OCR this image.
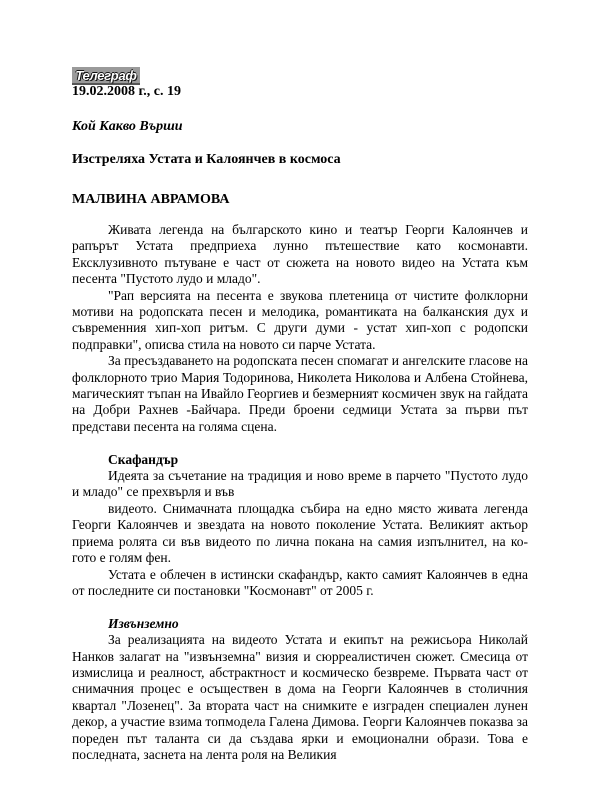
Телеграф
19.02.2008 г., с. 19
Кой Какво Върши
Изстреляха Устата и Калоянчев в космоса
МАЛВИНА АВРАМОВА

Живата легенда на българското кино и театър Георги Калоянчев и рапърът Устата предприеха лунно пътешествие като космонавти. Ексклузивното пътуване е част от сюжета на новото видео на Устата към песента "Пустото лудо и младо".

"Рап версията на песента е звукова плетеница от чистите фолклорни мотиви на родопската песен и мелодика, романтиката на балканския дух и съвременния хип-хоп ритъм. С други думи - устат хип-хоп с родопски подправки", описва стила на новото си парче Устата.

За пресъздаването на родопската песен спомагат и ангелските гласове на фолклорното трио Мария Тодоринова, Николета Николова и Албена Стойнева, магическият тъпан на Ивайло Георгиев и безмерният космичен звук на гайдата на Добри Рахнев -Байчара. Преди броени седмици Устата за първи път представи песента на голяма сцена.

Скафандър

Идеята за съчетание на традиция и ново време в парчето "Пустото лудо и младо" се прехвърля и във

видеото. Снимачната площадка събира на едно място живата легенда Георги Калоянчев и звездата на новото поколение Устата. Великият актьор приема ролята си във видеото по лична покана на самия изпълнител, на ко-гото е голям фен.

Устата е облечен в истински скафандър, както самият Калоянчев в една от последните си постановки "Космонавт" от 2005 г.

Извънземно

За реализацията на видеото Устата и екипът на режисьора Николай Нанков залагат на "извънземна" визия и сюрреалистичен сюжет. Смесица от измислица и реалност, абстрактност и космическо безвреме. Първата част от снимачния процес е осъществен в дома на Георги Калоянчев в столичния квартал "Лозенец". За втората част на снимките е изграден специален лунен декор, а участие взима топмодела Галена Димова. Георги Калоянчев показва за пореден път таланта си да създава ярки и емоционални образи. Това е последната, заснета на лента роля на Великия
